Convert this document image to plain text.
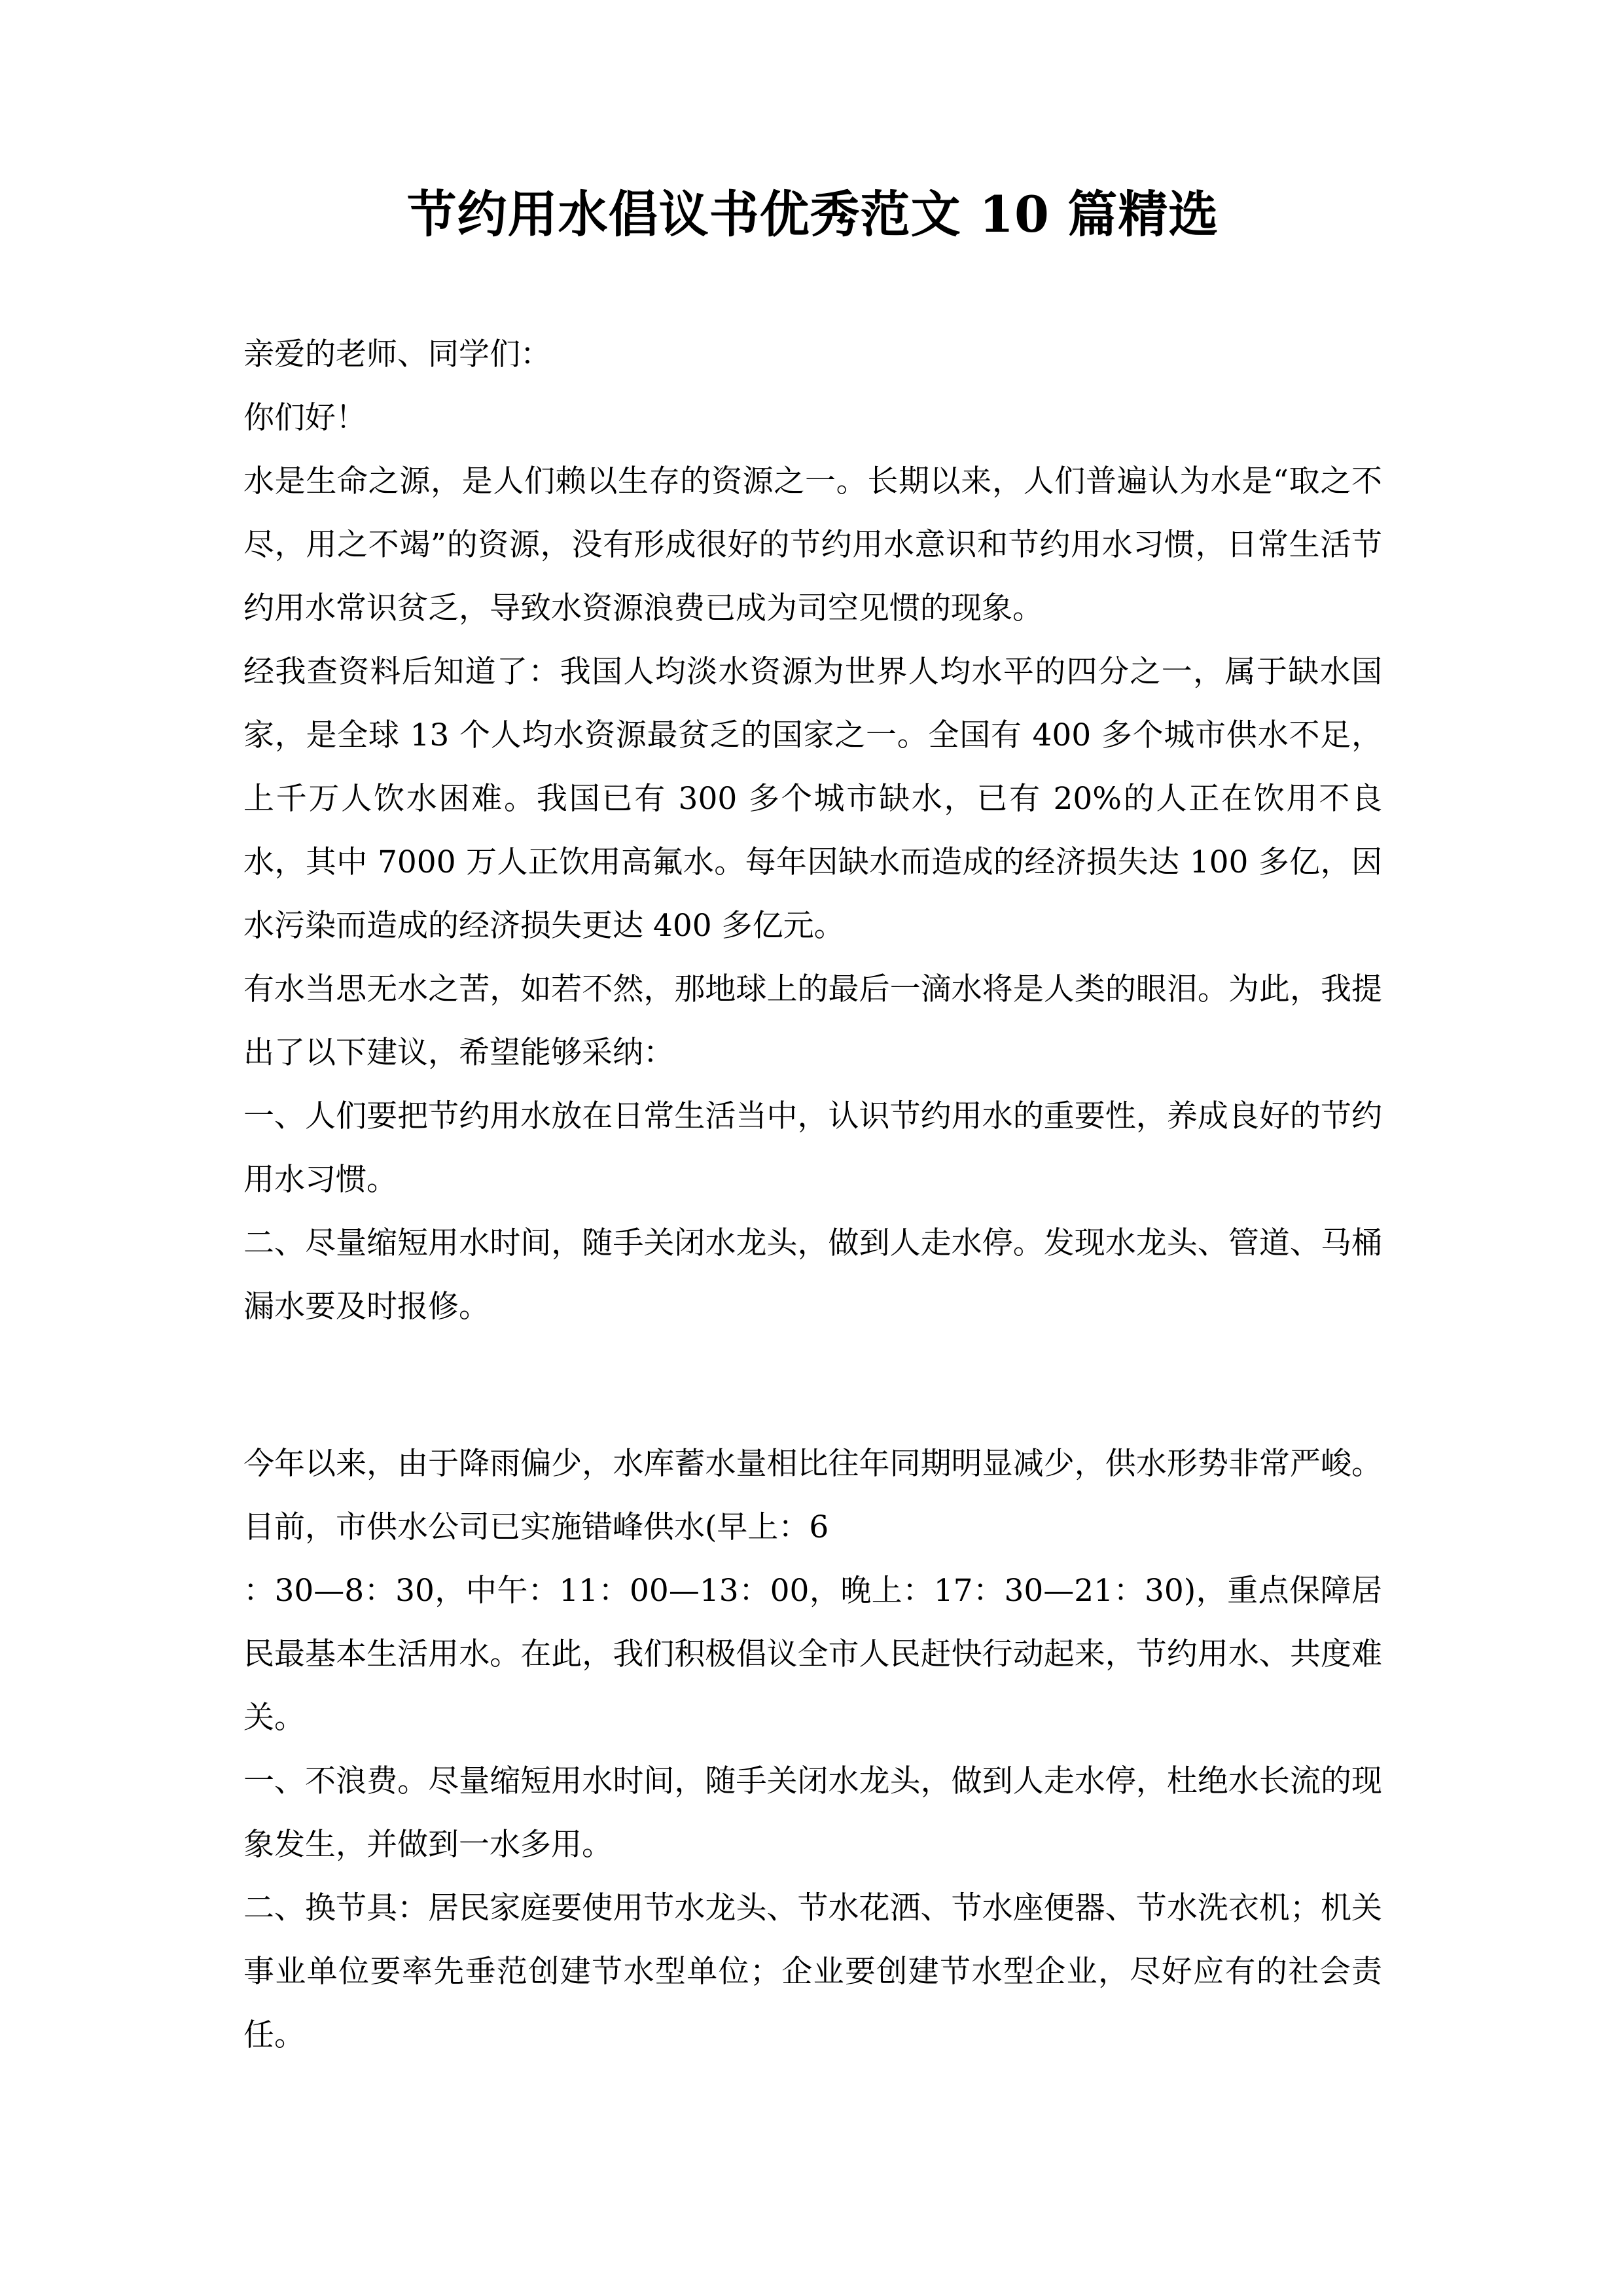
节约用水倡议书优秀范文 10 篇精选

亲爱的老师、同学们：

你们好！

水是生命之源，是人们赖以生存的资源之一。长期以来，人们普遍认为水是“取之不尽，用之不竭”的资源，没有形成很好的节约用水意识和节约用水习惯，日常生活节约用水常识贫乏，导致水资源浪费已成为司空见惯的现象。

经我查资料后知道了：我国人均淡水资源为世界人均水平的四分之一，属于缺水国家，是全球 13 个人均水资源最贫乏的国家之一。全国有 400 多个城市供水不足，上千万人饮水困难。我国已有 300 多个城市缺水，已有 20%的人正在饮用不良水，其中 7000 万人正饮用高氟水。每年因缺水而造成的经济损失达 100 多亿，因水污染而造成的经济损失更达 400 多亿元。

有水当思无水之苦，如若不然，那地球上的最后一滴水将是人类的眼泪。为此，我提出了以下建议，希望能够采纳：

一、人们要把节约用水放在日常生活当中，认识节约用水的重要性，养成良好的节约用水习惯。

二、尽量缩短用水时间，随手关闭水龙头，做到人走水停。发现水龙头、管道、马桶漏水要及时报修。

今年以来，由于降雨偏少，水库蓄水量相比往年同期明显减少，供水形势非常严峻。目前，市供水公司已实施错峰供水(早上：6

：30—8：30，中午：11：00—13：00，晚上：17：30—21：30)，重点保障居民最基本生活用水。在此，我们积极倡议全市人民赶快行动起来，节约用水、共度难关。

一、不浪费。尽量缩短用水时间，随手关闭水龙头，做到人走水停，杜绝水长流的现象发生，并做到一水多用。

二、换节具：居民家庭要使用节水龙头、节水花洒、节水座便器、节水洗衣机；机关事业单位要率先垂范创建节水型单位；企业要创建节水型企业，尽好应有的社会责任。
